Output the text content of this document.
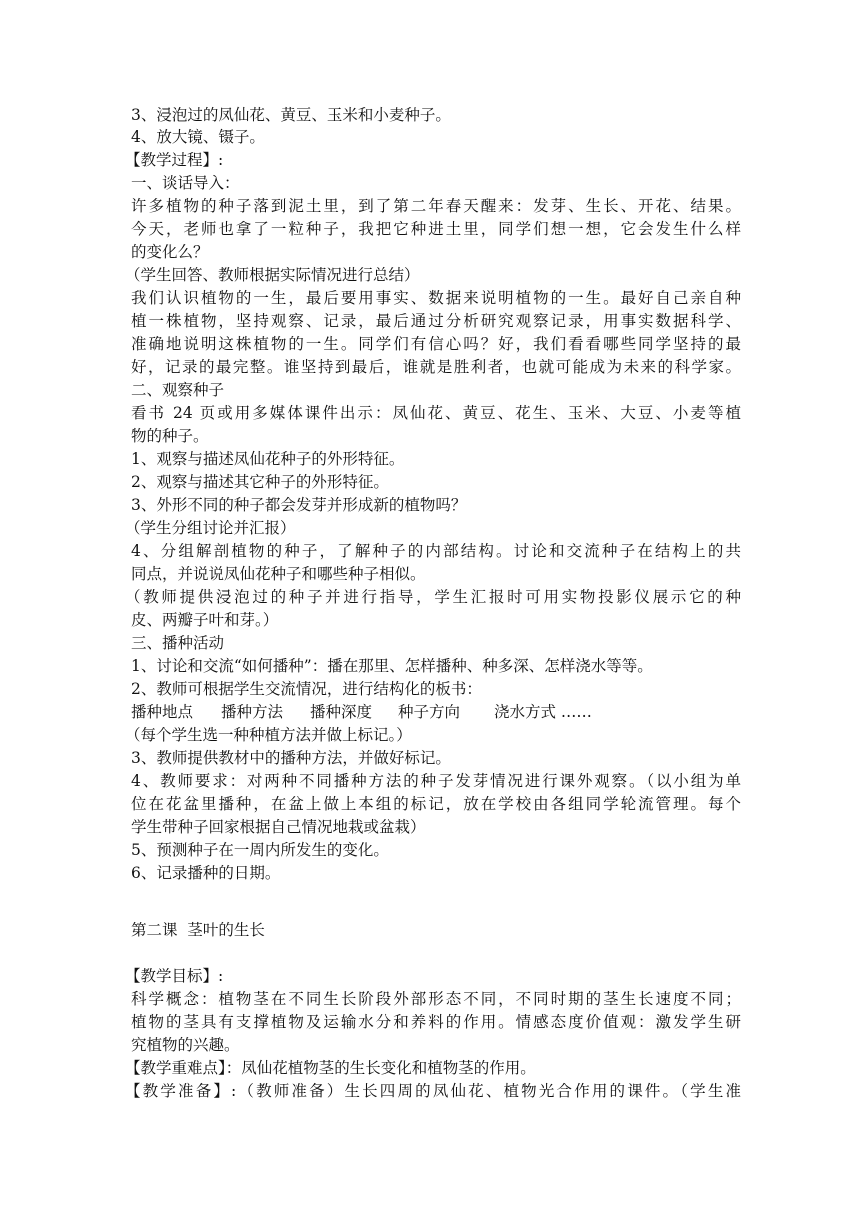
3、浸泡过的凤仙花、黄豆、玉米和小麦种子。
4、放大镜、镊子。
【教学过程】:
一、谈话导入：
许多植物的种子落到泥土里，到了第二年春天醒来：发芽、生长、开花、结果。
今天，老师也拿了一粒种子，我把它种进土里，同学们想一想，它会发生什么样
的变化么？
（学生回答、教师根据实际情况进行总结）
我们认识植物的一生，最后要用事实、数据来说明植物的一生。最好自己亲自种
植一株植物，坚持观察、记录，最后通过分析研究观察记录，用事实数据科学、
准确地说明这株植物的一生。同学们有信心吗？好，我们看看哪些同学坚持的最
好，记录的最完整。谁坚持到最后，谁就是胜利者，也就可能成为未来的科学家。
二、观察种子
看书 24 页或用多媒体课件出示：凤仙花、黄豆、花生、玉米、大豆、小麦等植
物的种子。
1、观察与描述凤仙花种子的外形特征。
2、观察与描述其它种子的外形特征。
3、外形不同的种子都会发芽并形成新的植物吗？
（学生分组讨论并汇报）
4、分组解剖植物的种子，了解种子的内部结构。讨论和交流种子在结构上的共
同点，并说说凤仙花种子和哪些种子相似。
（教师提供浸泡过的种子并进行指导，学生汇报时可用实物投影仪展示它的种
皮、两瓣子叶和芽。）
三、播种活动
1、讨论和交流“如何播种”：播在那里、怎样播种、种多深、怎样浇水等等。
2、教师可根据学生交流情况，进行结构化的板书：
播种地点 播种方法 播种深度 种子方向 浇水方式 ……
（每个学生选一种种植方法并做上标记。）
3、教师提供教材中的播种方法，并做好标记。
4、教师要求：对两种不同播种方法的种子发芽情况进行课外观察。（以小组为单
位在花盆里播种，在盆上做上本组的标记，放在学校由各组同学轮流管理。每个
学生带种子回家根据自己情况地栽或盆栽）
5、预测种子在一周内所发生的变化。
6、记录播种的日期。
第二课  茎叶的生长
【教学目标】:
科学概念：植物茎在不同生长阶段外部形态不同，不同时期的茎生长速度不同；
植物的茎具有支撑植物及运输水分和养料的作用。情感态度价值观：激发学生研
究植物的兴趣。
【教学重难点】：凤仙花植物茎的生长变化和植物茎的作用。
【教学准备】:（教师准备）生长四周的凤仙花、植物光合作用的课件。（学生准
